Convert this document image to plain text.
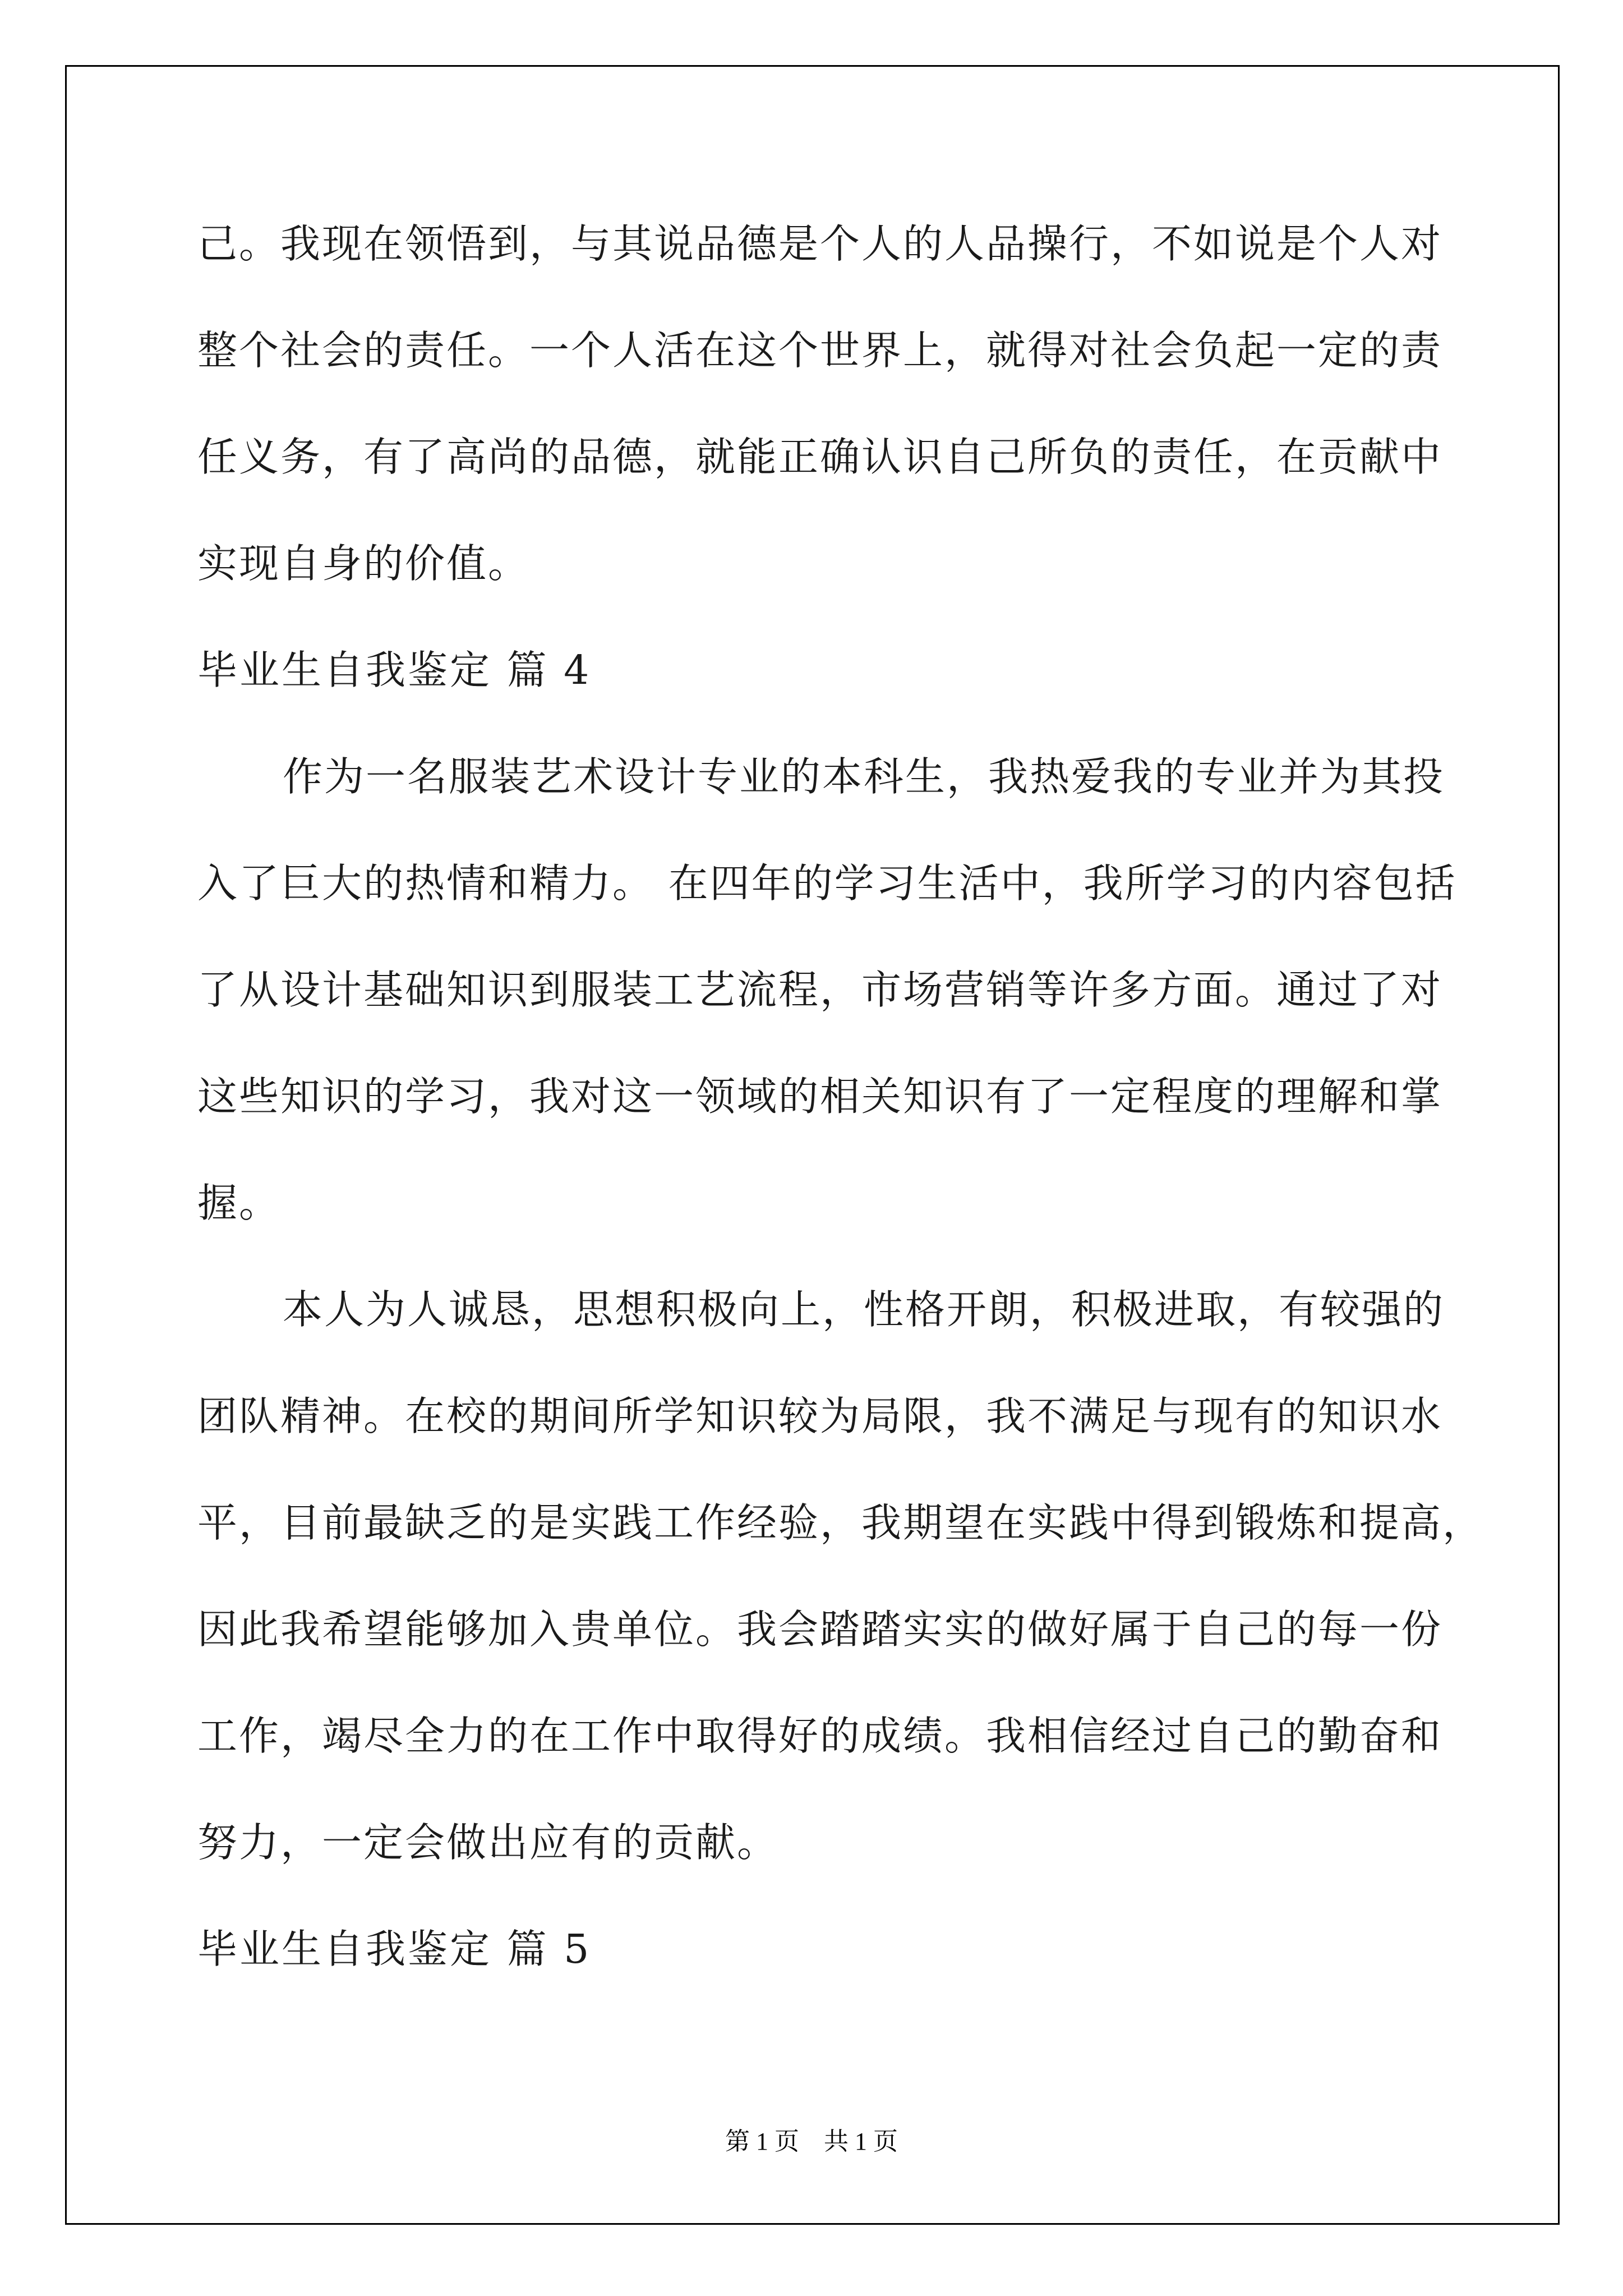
己。我现在领悟到，与其说品德是个人的人品操行，不如说是个人对
整个社会的责任。一个人活在这个世界上，就得对社会负起一定的责
任义务，有了高尚的品德，就能正确认识自己所负的责任，在贡献中
实现自身的价值。
毕业生自我鉴定 篇 4
作为一名服装艺术设计专业的本科生，我热爱我的专业并为其投
入了巨大的热情和精力。 在四年的学习生活中，我所学习的内容包括
了从设计基础知识到服装工艺流程，市场营销等许多方面。通过了对
这些知识的学习，我对这一领域的相关知识有了一定程度的理解和掌
握。
本人为人诚恳，思想积极向上，性格开朗，积极进取，有较强的
团队精神。在校的期间所学知识较为局限，我不满足与现有的知识水
平，目前最缺乏的是实践工作经验，我期望在实践中得到锻炼和提高，
因此我希望能够加入贵单位。我会踏踏实实的做好属于自己的每一份
工作，竭尽全力的在工作中取得好的成绩。我相信经过自己的勤奋和
努力，一定会做出应有的贡献。
毕业生自我鉴定 篇 5
第 1 页　共 1 页
